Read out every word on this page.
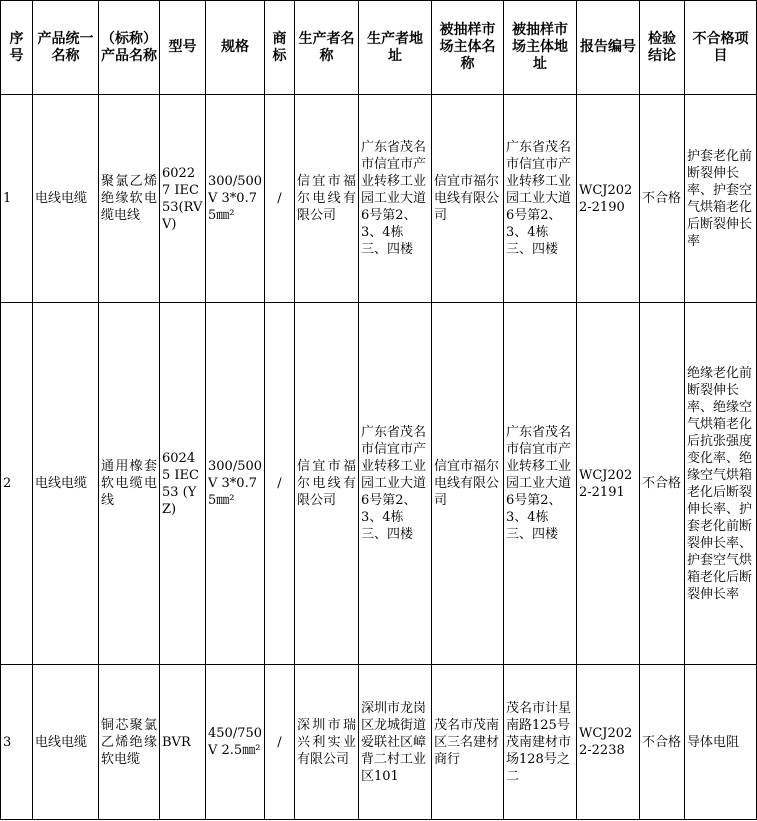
序号	产品统一名称	（标称）产品名称	型号	规格	商标	生产者名称	生产者地址	被抽样市场主体名称	被抽样市场主体地址	报告编号	检验结论	不合格项目
1	电线电缆	聚氯乙烯绝缘软电缆电线	60227 IEC 53(RVV)	300/500V 3*0.75㎜²	/	信宜市福尔电线有限公司	广东省茂名市信宜市产业转移工业园工业大道6号第2、3、4栋三、四楼	信宜市福尔电线有限公司	广东省茂名市信宜市产业转移工业园工业大道6号第2、3、4栋三、四楼	WCJ2022-2190	不合格	护套老化前断裂伸长率、护套空气烘箱老化后断裂伸长率
2	电线电缆	通用橡套软电缆电线	60245 IEC 53 (YZ)	300/500V 3*0.75㎜²	/	信宜市福尔电线有限公司	广东省茂名市信宜市产业转移工业园工业大道6号第2、3、4栋三、四楼	信宜市福尔电线有限公司	广东省茂名市信宜市产业转移工业园工业大道6号第2、3、4栋三、四楼	WCJ2022-2191	不合格	绝缘老化前断裂伸长率、绝缘空气烘箱老化后抗张强度变化率、绝缘空气烘箱老化后断裂伸长率、护套老化前断裂伸长率、护套空气烘箱老化后断裂伸长率
3	电线电缆	铜芯聚氯乙烯绝缘软电缆	BVR	450/750V 2.5㎜²	/	深圳市瑞兴利实业有限公司	深圳市龙岗区龙城街道爱联社区嶂背二村工业区101	茂名市茂南区三名建材商行	茂名市计星南路125号茂南建材市场128号之二	WCJ2022-2238	不合格	导体电阻
